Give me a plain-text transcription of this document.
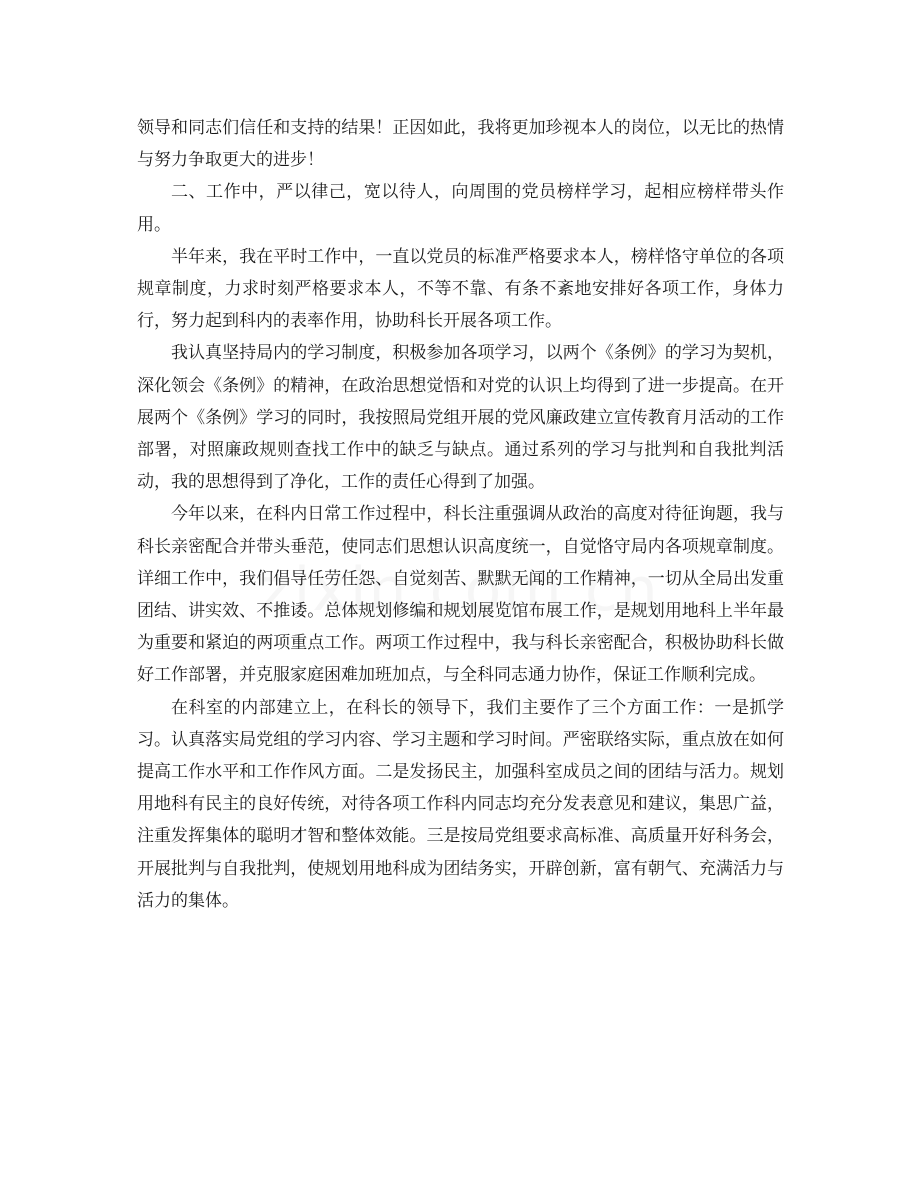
领导和同志们信任和支持的结果！正因如此，我将更加珍视本人的岗位，以无比的热情与努力争取更大的进步！

二、工作中，严以律己，宽以待人，向周围的党员榜样学习，起相应榜样带头作用。

半年来，我在平时工作中，一直以党员的标准严格要求本人，榜样恪守单位的各项规章制度，力求时刻严格要求本人，不等不靠、有条不紊地安排好各项工作，身体力行，努力起到科内的表率作用，协助科长开展各项工作。

我认真坚持局内的学习制度，积极参加各项学习，以两个《条例》的学习为契机，深化领会《条例》的精神，在政治思想觉悟和对党的认识上均得到了进一步提高。在开展两个《条例》学习的同时，我按照局党组开展的党风廉政建立宣传教育月活动的工作部署，对照廉政规则查找工作中的缺乏与缺点。通过系列的学习与批判和自我批判活动，我的思想得到了净化，工作的责任心得到了加强。

今年以来，在科内日常工作过程中，科长注重强调从政治的高度对待征询题，我与科长亲密配合并带头垂范，使同志们思想认识高度统一，自觉恪守局内各项规章制度。详细工作中，我们倡导任劳任怨、自觉刻苦、默默无闻的工作精神，一切从全局出发重团结、讲实效、不推诿。总体规划修编和规划展览馆布展工作，是规划用地科上半年最为重要和紧迫的两项重点工作。两项工作过程中，我与科长亲密配合，积极协助科长做好工作部署，并克服家庭困难加班加点，与全科同志通力协作，保证工作顺利完成。

在科室的内部建立上，在科长的领导下，我们主要作了三个方面工作：一是抓学习。认真落实局党组的学习内容、学习主题和学习时间。严密联络实际，重点放在如何提高工作水平和工作作风方面。二是发扬民主，加强科室成员之间的团结与活力。规划用地科有民主的良好传统，对待各项工作科内同志均充分发表意见和建议，集思广益，注重发挥集体的聪明才智和整体效能。三是按局党组要求高标准、高质量开好科务会，开展批判与自我批判，使规划用地科成为团结务实，开辟创新，富有朝气、充满活力与活力的集体。
